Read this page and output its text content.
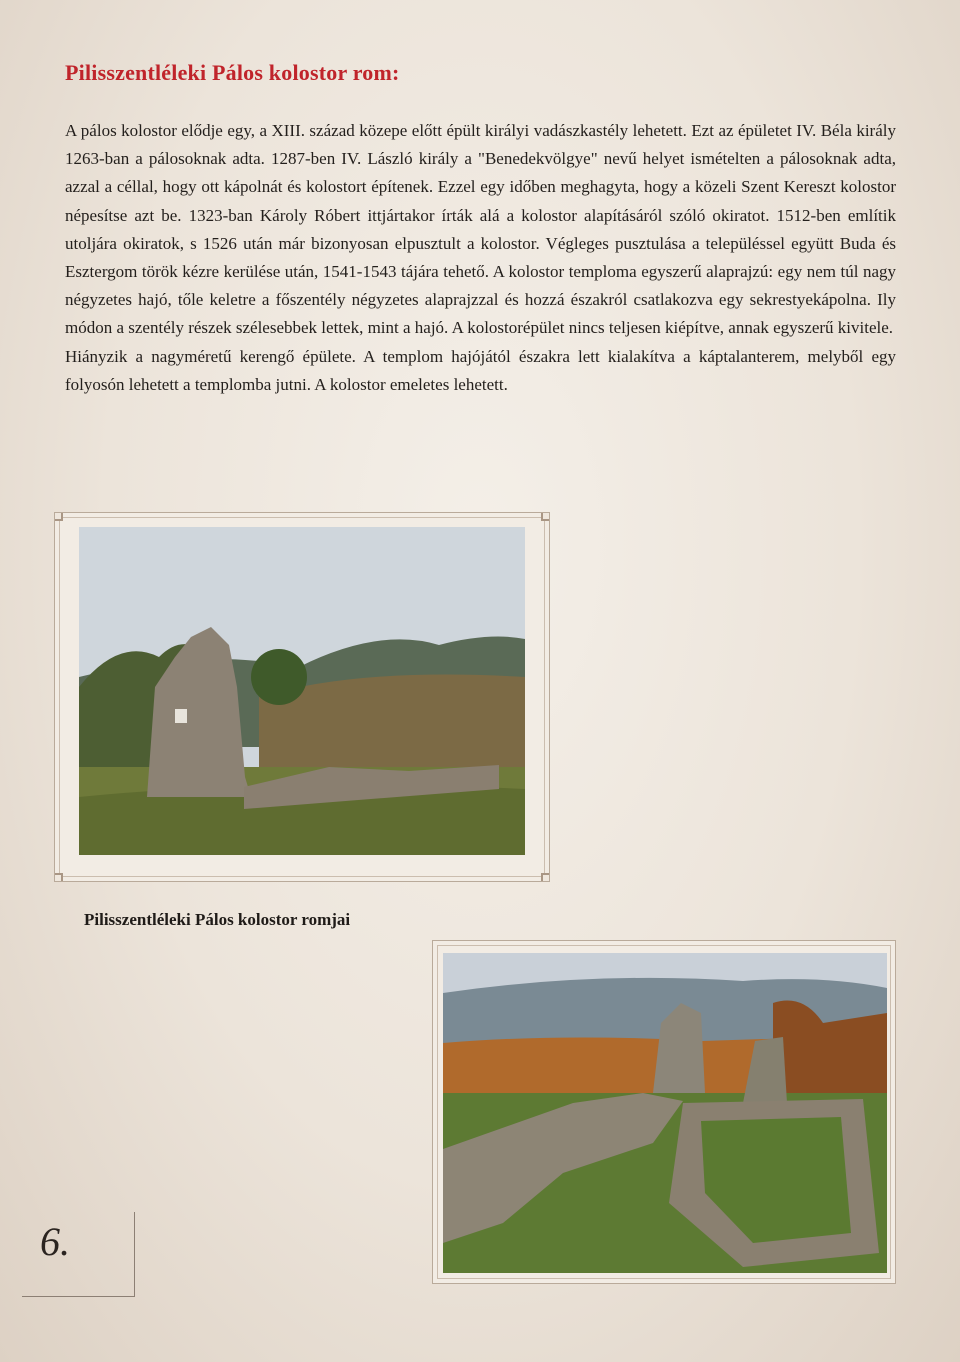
Pilisszentléleki Pálos kolostor rom:

A pálos kolostor elődje egy, a XIII. század közepe előtt épült királyi vadászkastély lehetett. Ezt az épületet IV. Béla király 1263-ban a pálosoknak adta. 1287-ben IV. László király a "Benedekvölgye" nevű helyet ismételten a pálosoknak adta, azzal a céllal, hogy ott kápolnát és kolostort építenek. Ezzel egy időben meghagyta, hogy a közeli Szent Kereszt kolostor népesítse azt be. 1323-ban Károly Róbert ittjártakor írták alá a kolostor alapításáról szóló okiratot. 1512-ben említik utoljára okiratok, s 1526 után már bizonyosan elpusztult a kolostor. Végleges pusztulása a településsel együtt Buda és Esztergom török kézre kerülése után, 1541-1543 tájára tehető. A kolostor temploma egyszerű alaprajzú: egy nem túl nagy négyzetes hajó, tőle keletre a főszentély négyzetes alaprajzzal és hozzá északról csatlakozva egy sekrestyekápolna. Ily módon a szentély részek szélesebbek lettek, mint a hajó. A kolostorépület nincs teljesen kiépítve, annak egyszerű kivitele.

Hiányzik a nagyméretű kerengő épülete. A templom hajójától északra lett kialakítva a káptalanterem, melyből egy folyosón lehetett a templomba jutni. A kolostor emeletes lehetett.

Pilisszentléleki Pálos kolostor romjai

6.
